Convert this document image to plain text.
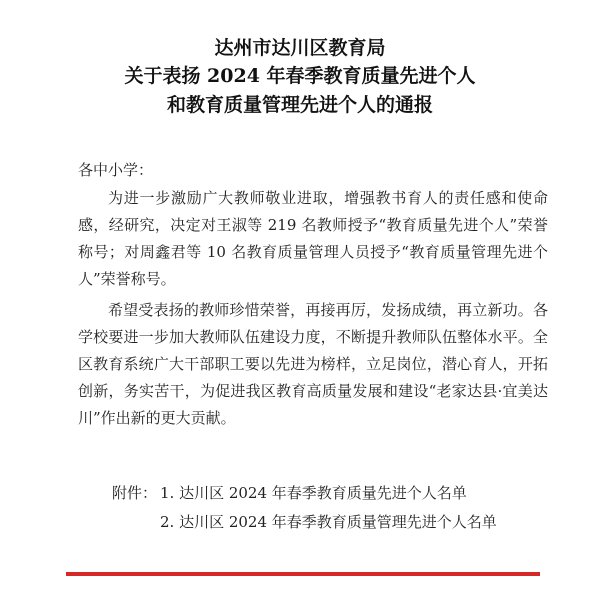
达州市达川区教育局
关于表扬 2024 年春季教育质量先进个人
和教育质量管理先进个人的通报
各中小学：
为进一步激励广大教师敬业进取，增强教书育人的责任感和使命感，经研究，决定对王淑等 219 名教师授予“教育质量先进个人”荣誉称号；对周鑫君等 10 名教育质量管理人员授予“教育质量管理先进个人”荣誉称号。
希望受表扬的教师珍惜荣誉，再接再厉，发扬成绩，再立新功。各学校要进一步加大教师队伍建设力度，不断提升教师队伍整体水平。全区教育系统广大干部职工要以先进为榜样，立足岗位，潜心育人，开拓创新，务实苦干，为促进我区教育高质量发展和建设“老家达县·宜美达川”作出新的更大贡献。
附件： 1. 达川区 2024 年春季教育质量先进个人名单
2. 达川区 2024 年春季教育质量管理先进个人名单
